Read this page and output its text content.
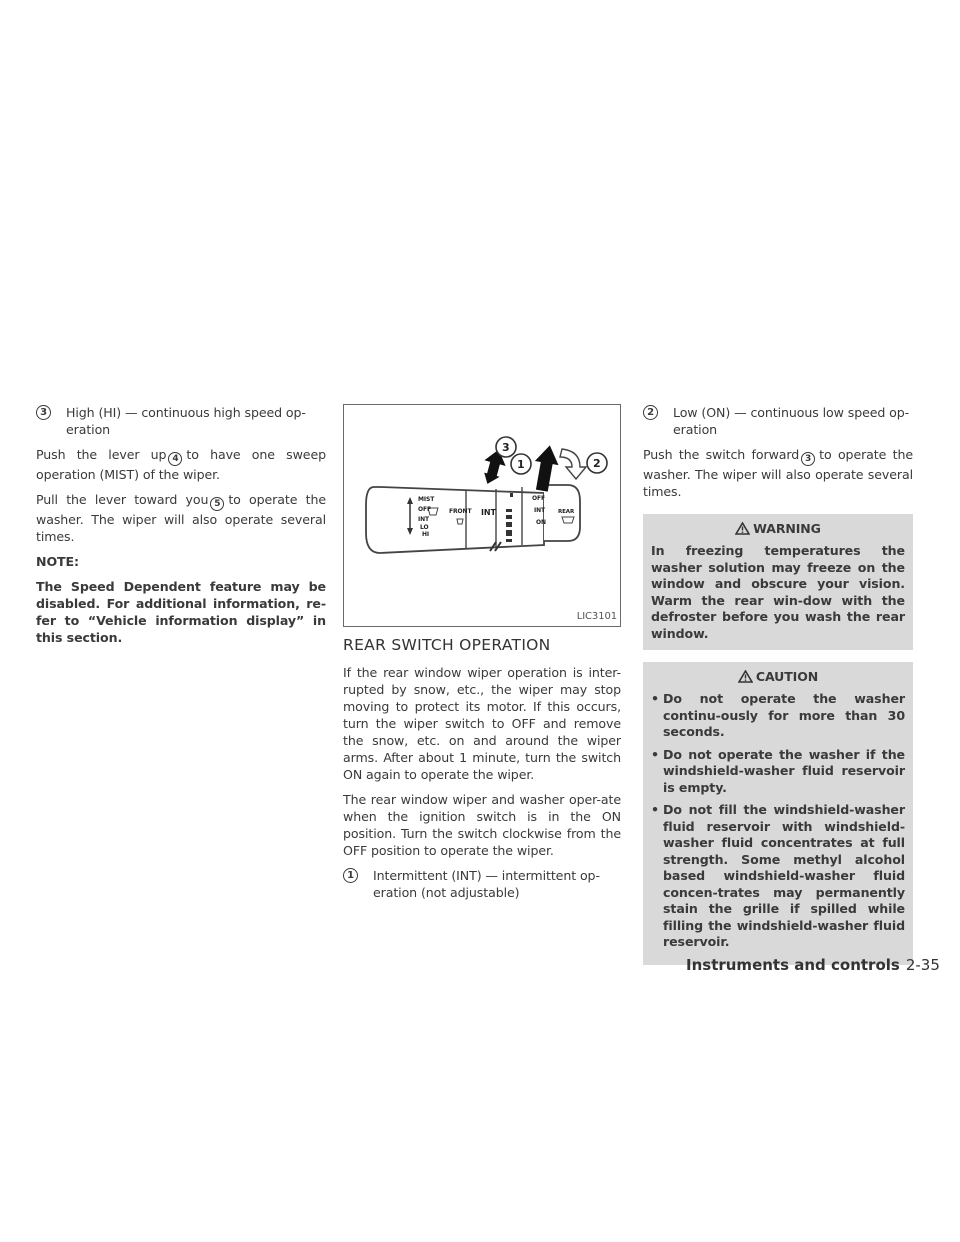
3	High (HI) — continuous high speed op-eration

Push the lever up 4 to have one sweep operation (MIST) of the wiper.

Pull the lever toward you 5 to operate the washer. The wiper will also operate several times.

NOTE:

The Speed Dependent feature may be disabled. For additional information, re-fer to “Vehicle information display” in this section.

MIST
OFF
INT
LO
HI
FRONT INT
OFF
INT
ON
REAR
3
1	2
LIC3101
REAR SWITCH OPERATION

If the rear window wiper operation is inter-rupted by snow, etc., the wiper may stop moving to protect its motor. If this occurs, turn the wiper switch to OFF and remove the snow, etc. on and around the wiper arms. After about 1 minute, turn the switch ON again to operate the wiper.

The rear window wiper and washer oper-ate when the ignition switch is in the ON position. Turn the switch clockwise from the OFF position to operate the wiper.

1	Intermittent (INT) — intermittent op-eration (not adjustable)
2	Low (ON) — continuous low speed op-eration

Push the switch forward 3 to operate the washer. The wiper will also operate several times.

WARNING
In freezing temperatures the washer solution may freeze on the window and obscure your vision. Warm the rear win-dow with the defroster before you wash the rear window.
CAUTION
• Do not operate the washer continu-ously for more than 30 seconds.
• Do not operate the washer if the windshield-washer fluid reservoir is empty.
• Do not fill the windshield-washer fluid reservoir with windshield-washer fluid concentrates at full strength. Some methyl alcohol based windshield-washer fluid concen-trates may permanently stain the grille if spilled while filling the windshield-washer fluid reservoir.
Instruments and controls 2-35
